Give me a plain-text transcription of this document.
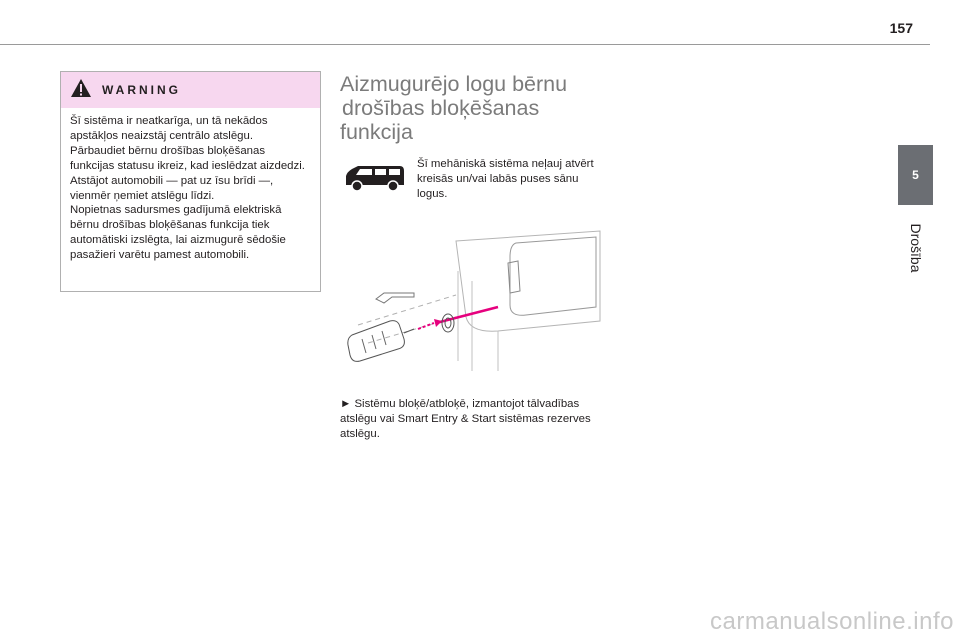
157
WARNING

Šī sistēma ir neatkarīga, un tā nekādos apstākļos neaizstāj centrālo atslēgu.

Pārbaudiet bērnu drošības bloķēšanas funkcijas statusu ikreiz, kad ieslēdzat aizdedzi.

Atstājot automobili — pat uz īsu brīdi —, vienmēr ņemiet atslēgu līdzi.

Nopietnas sadursmes gadījumā elektriskā bērnu drošības bloķēšanas funkcija tiek automātiski izslēgta, lai aizmugurē sēdošie pasažieri varētu pamest automobili.

Aizmugurējo logu bērnu
drošības bloķēšanas
funkcija
Šī mehāniskā sistēma neļauj atvērt kreisās un/vai labās puses sānu logus.
► Sistēmu bloķē/atbloķē, izmantojot tālvadības atslēgu vai Smart Entry & Start sistēmas rezerves atslēgu.
5
Drošība
carmanualsonline.info
